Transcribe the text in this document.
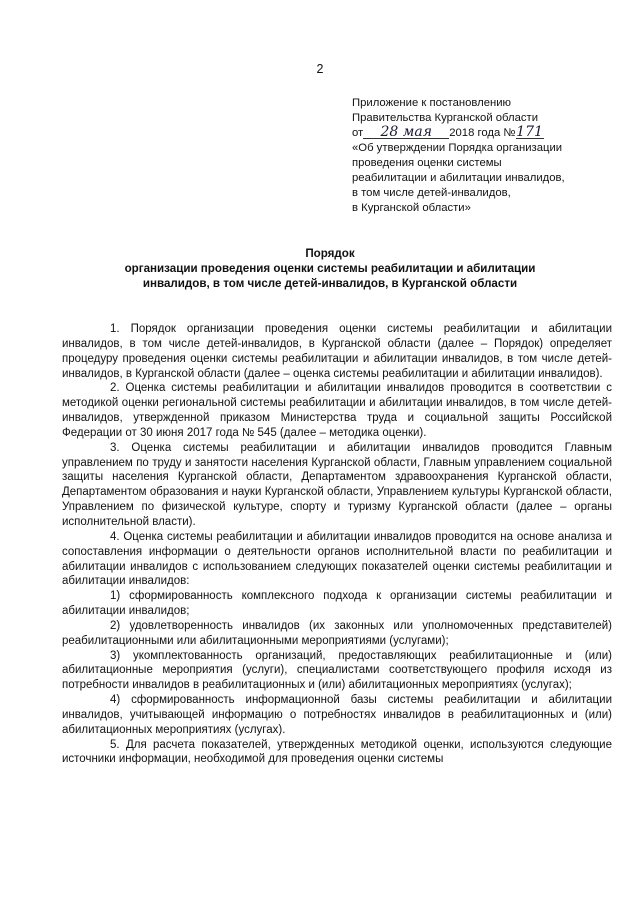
2
Приложение к постановлению
Правительства Курганской области
от 28 мая 2018 года №171
«Об утверждении Порядка организации
проведения оценки системы
реабилитации и абилитации инвалидов,
в том числе детей-инвалидов,
в Курганской области»
Порядок
организации проведения оценки системы реабилитации и абилитации
инвалидов, в том числе детей-инвалидов, в Курганской области

1. Порядок организации проведения оценки системы реабилитации и абилитации инвалидов, в том числе детей-инвалидов, в Курганской области (далее – Порядок) определяет процедуру проведения оценки системы реабилитации и абилитации инвалидов, в том числе детей-инвалидов, в Курганской области (далее – оценка системы реабилитации и абилитации инвалидов).

2. Оценка системы реабилитации и абилитации инвалидов проводится в соответствии с методикой оценки региональной системы реабилитации и абилитации инвалидов, в том числе детей-инвалидов, утвержденной приказом Министерства труда и социальной защиты Российской Федерации от 30 июня 2017 года № 545 (далее – методика оценки).

3. Оценка системы реабилитации и абилитации инвалидов проводится Главным управлением по труду и занятости населения Курганской области, Главным управлением социальной защиты населения Курганской области, Департаментом здравоохранения Курганской области, Департаментом образования и науки Курганской области, Управлением культуры Курганской области, Управлением по физической культуре, спорту и туризму Курганской области (далее – органы исполнительной власти).

4. Оценка системы реабилитации и абилитации инвалидов проводится на основе анализа и сопоставления информации о деятельности органов исполнительной власти по реабилитации и абилитации инвалидов с использованием следующих показателей оценки системы реабилитации и абилитации инвалидов:

1) сформированность комплексного подхода к организации системы реабилитации и абилитации инвалидов;

2) удовлетворенность инвалидов (их законных или уполномоченных представителей) реабилитационными или абилитационными мероприятиями (услугами);

3) укомплектованность организаций, предоставляющих реабилитационные и (или) абилитационные мероприятия (услуги), специалистами соответствующего профиля исходя из потребности инвалидов в реабилитационных и (или) абилитационных мероприятиях (услугах);

4) сформированность информационной базы системы реабилитации и абилитации инвалидов, учитывающей информацию о потребностях инвалидов в реабилитационных и (или) абилитационных мероприятиях (услугах).

5. Для расчета показателей, утвержденных методикой оценки, используются следующие источники информации, необходимой для проведения оценки системы
